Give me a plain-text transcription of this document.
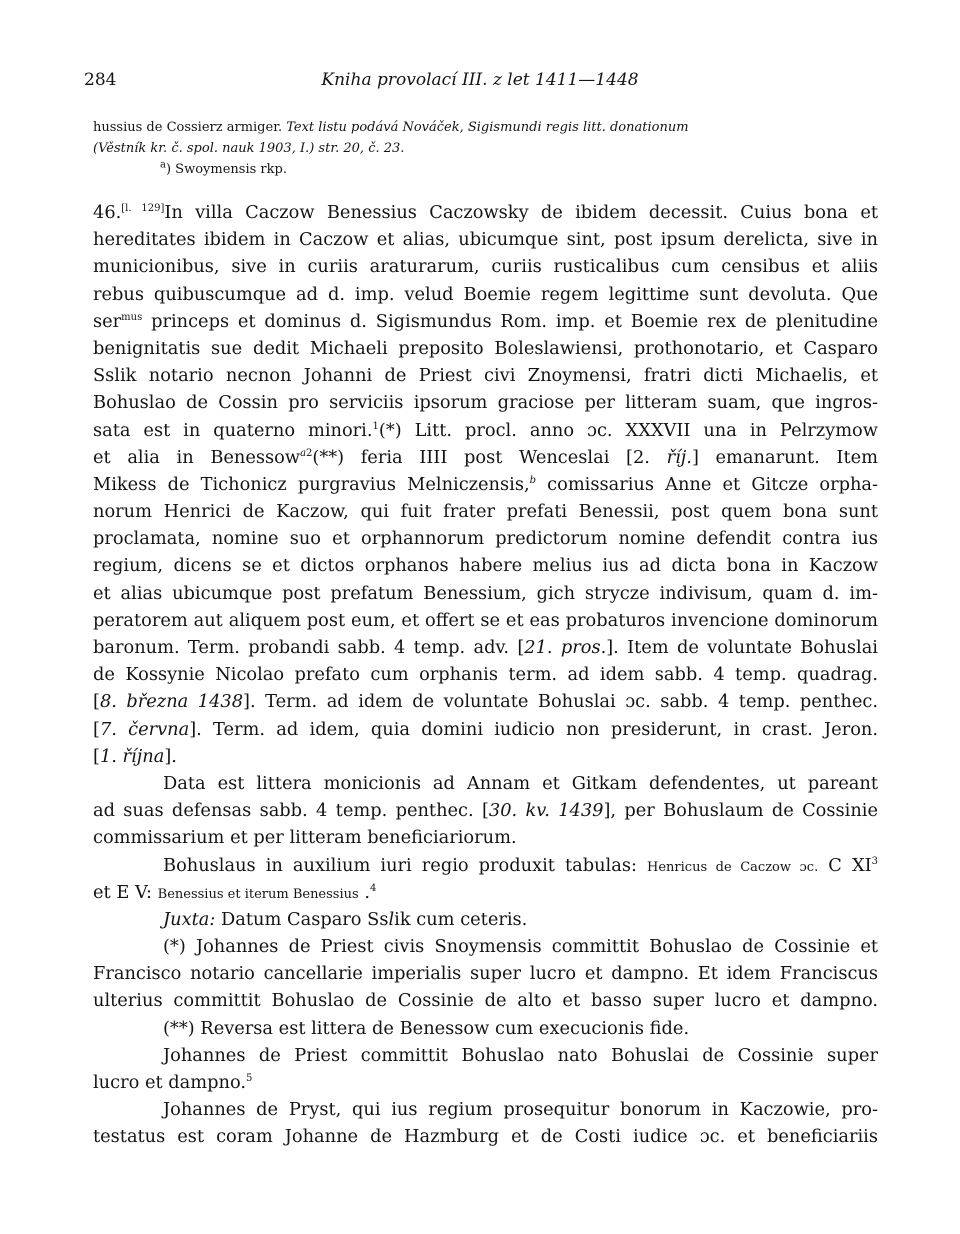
284	Kniha provolací III. z let 1411—1448
hussius de Cossierz armiger. Text listu podává Nováček, Sigismundi regis litt. donationum
(Věstník kr. č. spol. nauk 1903, I.) str. 20, č. 23.
$^a$) Swoymensis rkp.
46.[l. 129]In villa Caczow Benessius Caczowsky de ibidem decessit. Cuius bona et
hereditates ibidem in Caczow et alias, ubicumque sint, post ipsum derelicta, sive in
municionibus, sive in curiis araturarum, curiis rusticalibus cum censibus et aliis
rebus quibuscumque ad d. imp. velud Boemie regem legittime sunt devoluta. Que
ser$^{mus}$ princeps et dominus d. Sigismundus Rom. imp. et Boemie rex de plenitudine
benignitatis sue dedit Michaeli preposito Boleslawiensi, prothonotario, et Casparo
Sslik notario necnon Johanni de Priest civi Znoymensi, fratri dicti Michaelis, et
Bohuslao de Cossin pro serviciis ipsorum graciose per litteram suam, que ingros-
sata est in quaterno minori.$^1$(*) Litt. procl. anno ɔc. XXXVII una in Pelrzymow
et alia in Benessow$^{a2}$(**) feria IIII post Wenceslai [2. říj.] emanarunt. Item
Mikess de Tichonicz purgravius Melniczensis,$^b$ comissarius Anne et Gitcze orpha-
norum Henrici de Kaczow, qui fuit frater prefati Benessii, post quem bona sunt
proclamata, nomine suo et orphannorum predictorum nomine defendit contra ius
regium, dicens se et dictos orphanos habere melius ius ad dicta bona in Kaczow
et alias ubicumque post prefatum Benessium, gich strycze indivisum, quam d. im-
peratorem aut aliquem post eum, et offert se et eas probaturos invencione dominorum
baronum. Term. probandi sabb. 4 temp. adv. [21. pros.]. Item de voluntate Bohuslai
de Kossynie Nicolao prefato cum orphanis term. ad idem sabb. 4 temp. quadrag.
[8. března 1438]. Term. ad idem de voluntate Bohuslai ɔc. sabb. 4 temp. penthec.
[7. června]. Term. ad idem, quia domini iudicio non presiderunt, in crast. Jeron.
[1. října].
Data est littera monicionis ad Annam et Gitkam defendentes, ut pareant
ad suas defensas sabb. 4 temp. penthec. [30. kv. 1439], per Bohuslaum de Cossinie
commissarium et per litteram beneficiariorum.
Bohuslaus in auxilium iuri regio produxit tabulas: Henricus de Caczow ɔc. C $XI^3$
et E V: Benessius et iterum Benessius .$^4$
Juxta: Datum Casparo Sslik cum ceteris.
(*) Johannes de Priest civis Snoymensis committit Bohuslao de Cossinie et
Francisco notario cancellarie imperialis super lucro et dampno. Et idem Franciscus
ulterius committit Bohuslao de Cossinie de alto et basso super lucro et dampno.
(**) Reversa est littera de Benessow cum execucionis fide.
Johannes de Priest committit Bohuslao nato Bohuslai de Cossinie super
lucro et dampno.$^5$
Johannes de Pryst, qui ius regium prosequitur bonorum in Kaczowie, pro-
testatus est coram Johanne de Hazmburg et de Costi iudice ɔc. et beneficiariis
